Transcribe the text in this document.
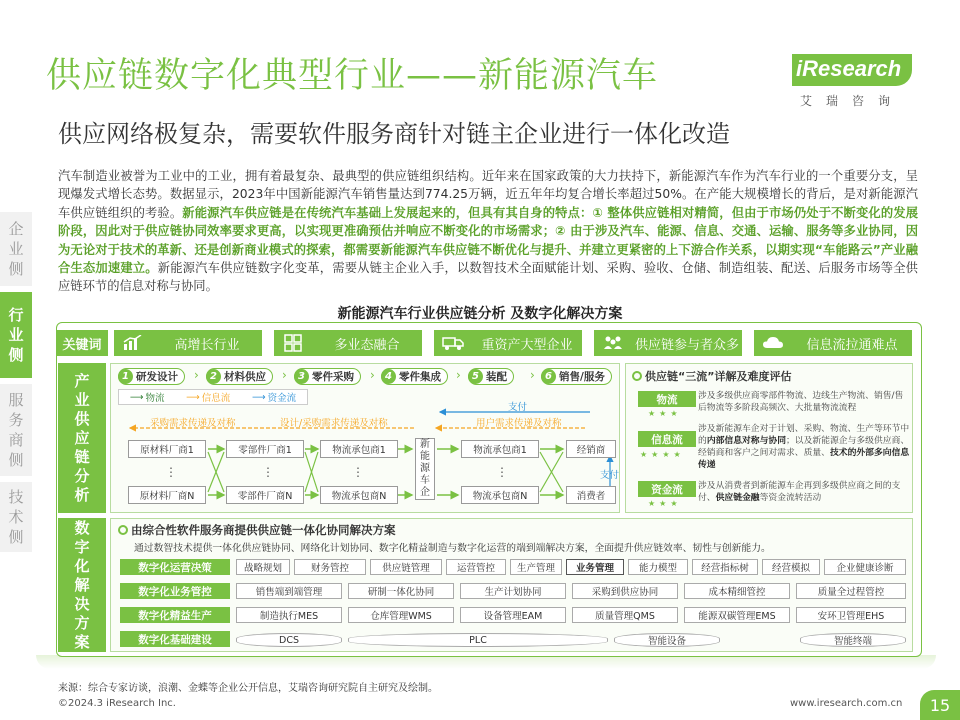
供应链数字化典型行业——新能源汽车
供应网络极复杂，需要软件服务商针对链主企业进行一体化改造
iResearch
艾瑞咨询
企
业
侧
行
业
侧
服
务
商
侧
技
术
侧
汽车制造业被誉为工业中的工业，拥有着最复杂、最典型的供应链组织结构。近年来在国家政策的大力扶持下，新能源汽车作为汽车行业的一个重要分支，呈现爆发式增长态势。数据显示，2023年中国新能源汽车销售量达到774.25万辆，近五年年均复合增长率超过50%。在产能大规模增长的背后，是对新能源汽车供应链组织的考验。新能源汽车供应链是在传统汽车基础上发展起来的，但具有其自身的特点：① 整体供应链相对精简，但由于市场仍处于不断变化的发展阶段，因此对于供应链协同效率要求更高，以实现更准确预估并响应不断变化的市场需求；② 由于涉及汽车、能源、信息、交通、运输、服务等多业协同，因为无论对于技术的革新、还是创新商业模式的探索，都需要新能源汽车供应链不断优化与提升、并建立更紧密的上下游合作关系，以期实现“车能路云”产业融合生态加速建立。新能源汽车供应链数字化变革，需要从链主企业入手，以数智技术全面赋能计划、采购、验收、仓储、制造组装、配送、后服务市场等全供应链环节的信息对称与协同。
新能源汽车行业供应链分析 及数字化解决方案
关键词	高增长行业	多业态融合	重资产大型企业	供应链参与者众多	信息流拉通难点
产
业
供
应
链
分
析
1 研发设计 ›	2 材料供应 ›	3 零件采购 ›	4 零件集成 ›	5 装配 ›	6 销售/服务
⟶ 物流 ⟶ 信息流 ⟶ 资金流
⋮	⋮	⋮	⋮
采购需求传递及对称	设计/采购需求传递及对称	用户需求传递及对称
支付
支付
原材料厂商1
原材料厂商N
零部件厂商1
零部件厂商N
物流承包商1
物流承包商N
新
能
源
车
企
物流承包商1
物流承包商N
经销商
消费者
供应链“三流”详解及难度评估
物流
★★★
涉及多级供应商零部件物流、边线生产物流、销售/售后物流等多阶段高频次、大批量物流流程
信息流
★★★★
涉及新能源车企对于计划、采购、物流、生产等环节中的内部信息对称与协同；以及新能源企与多级供应商、经销商和客户之间对需求、质量、技术的外部多向信息传递
资金流
★★★
涉及从消费者到新能源车企再到多级供应商之间的支付、供应链金融等资金流转活动
数
字
化
解
决
方
案
由综合性软件服务商提供供应链一体化协同解决方案
通过数智技术提供一体化供应链协同、网络化计划协同、数字化精益制造与数字化运营的端到端解决方案，全面提升供应链效率、韧性与创新能力。
数字化运营决策	战略规划	财务管控	供应链管理	运营管控	生产管理	业务管理	能力模型	经营指标树	经营模拟	企业健康诊断
数字化业务管控	销售端到端管理	研制一体化协同	生产计划协同	采购到供应协同	成本精细管控	质量全过程管控
数字化精益生产	制造执行MES	仓库管理WMS	设备管理EAM	质量管理QMS	能源双碳管理EMS	安环卫管理EHS
数字化基础建设	DCS	PLC	智能设备	智能终端
来源：综合专家访谈，浪潮、金蝶等企业公开信息，艾瑞咨询研究院自主研究及绘制。
©2024.3 iResearch Inc.	www.iresearch.com.cn	15
